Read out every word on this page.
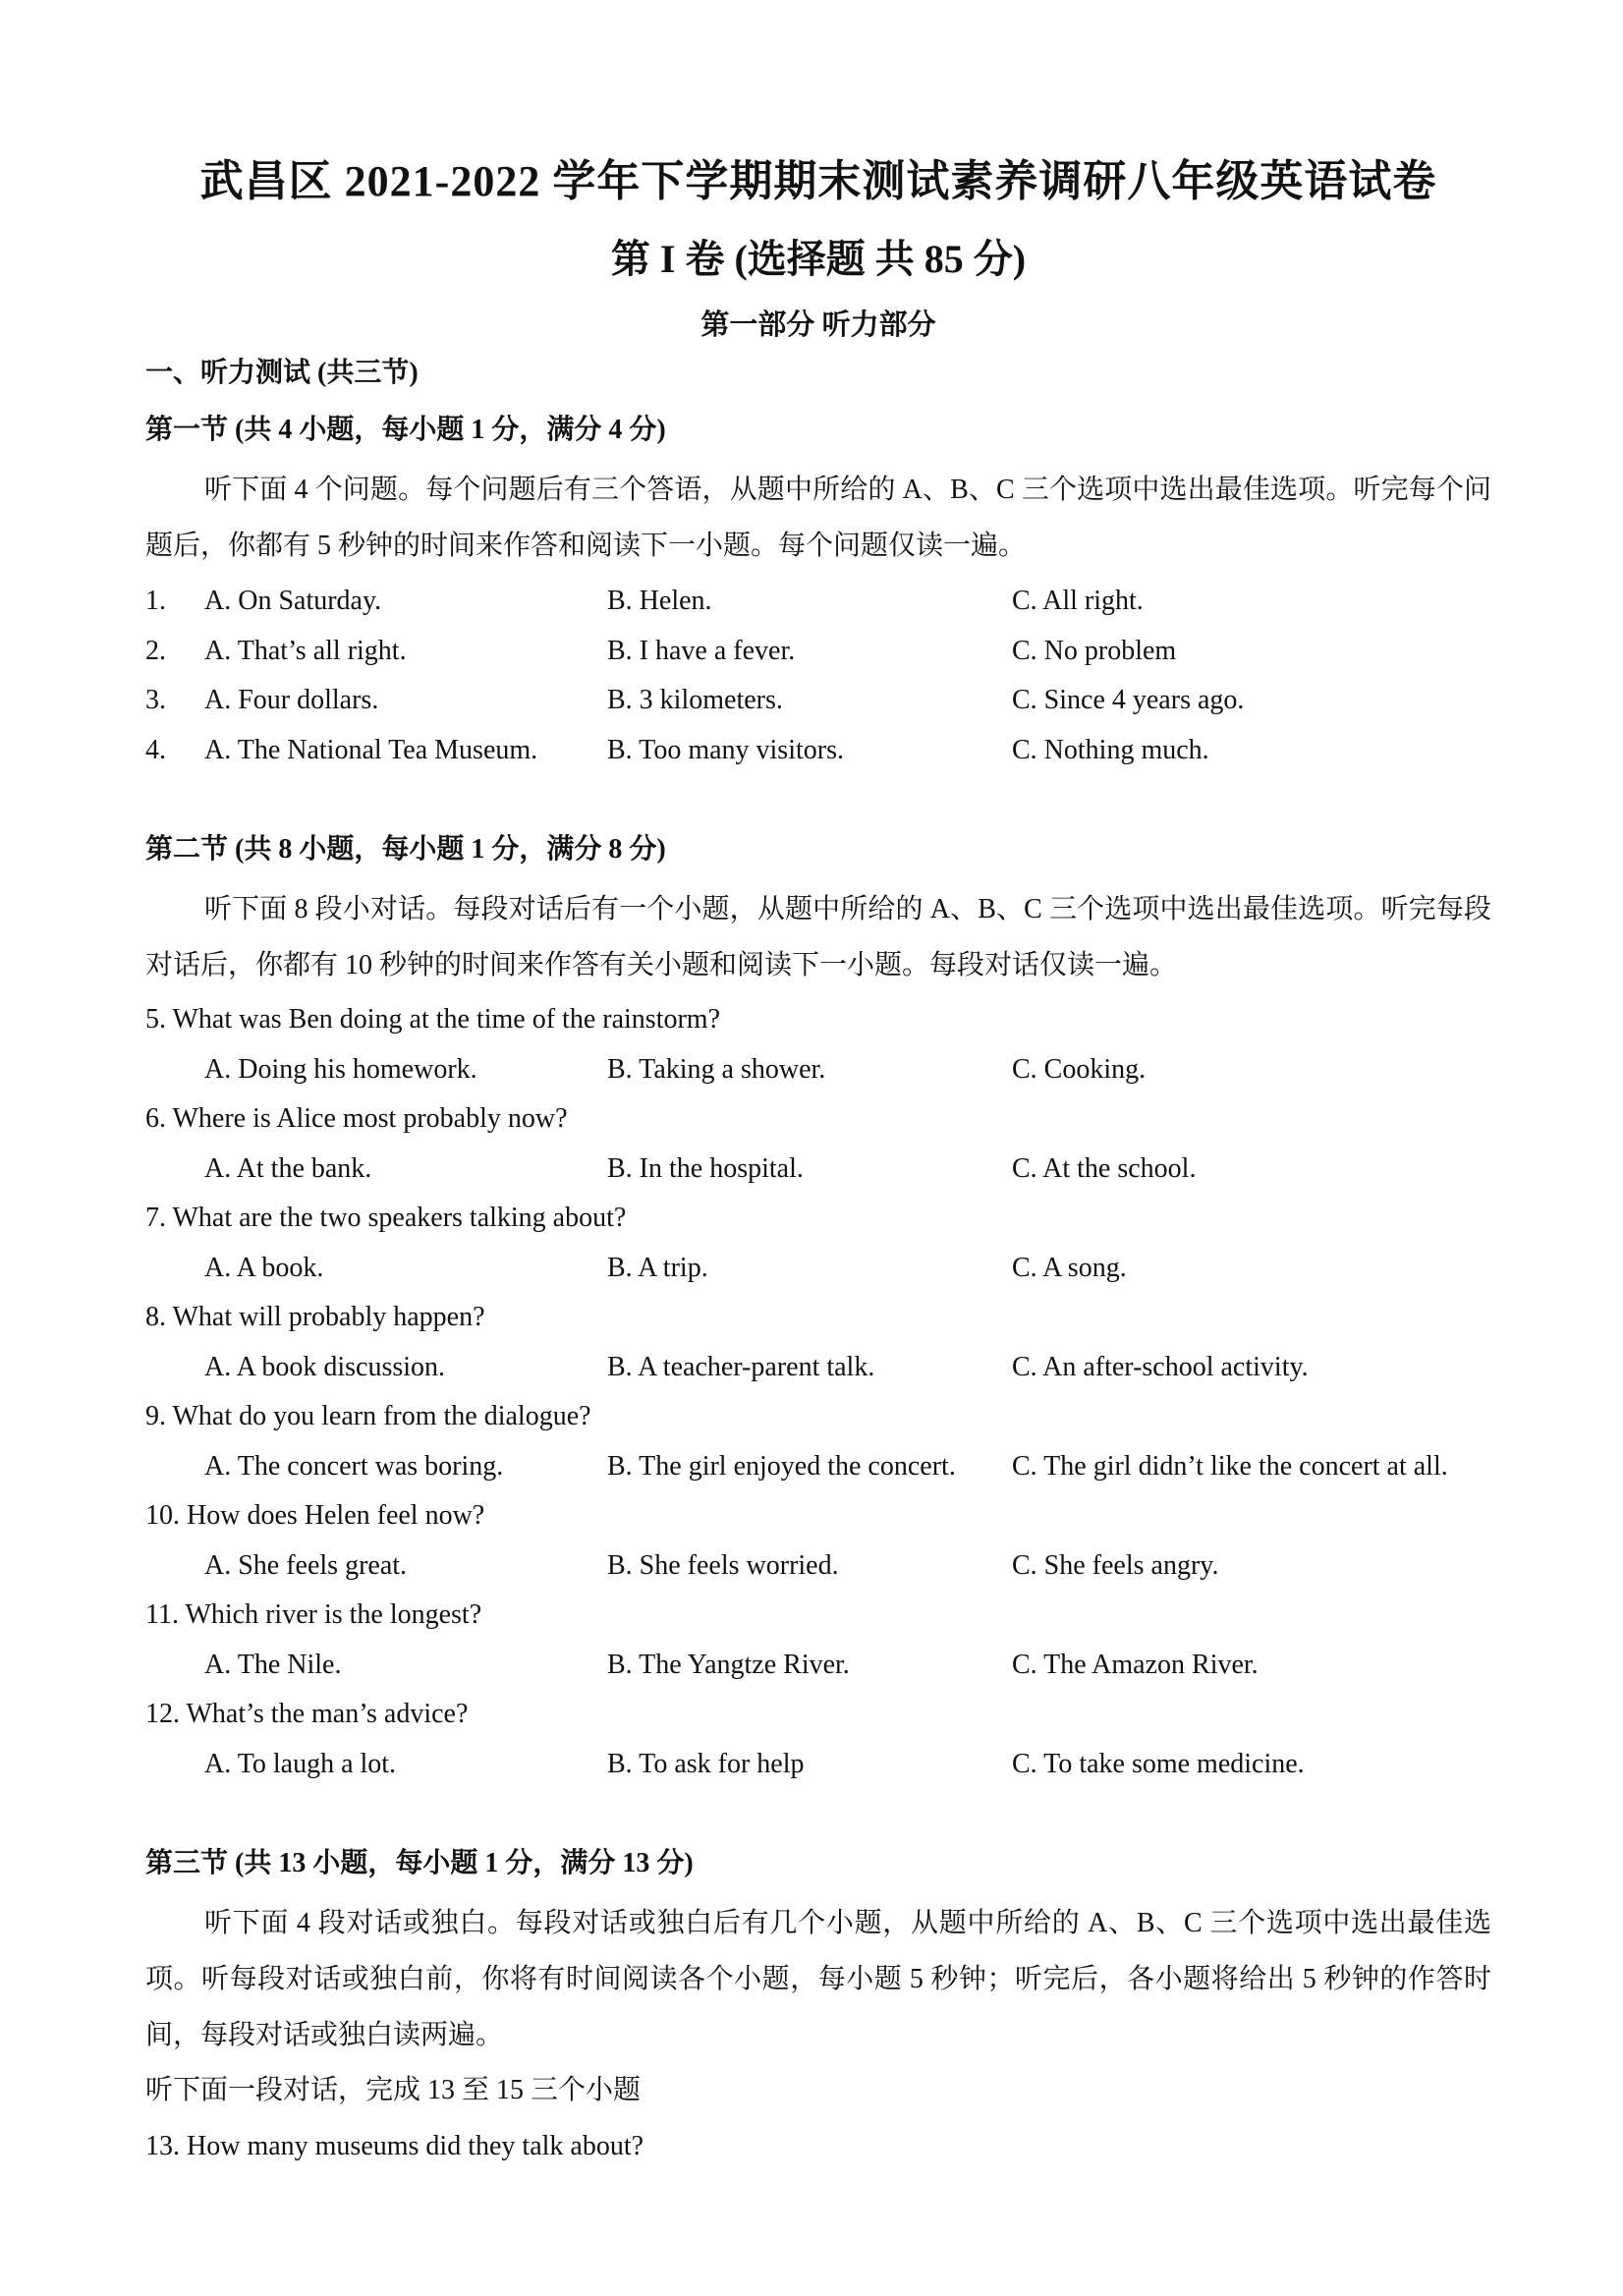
武昌区 2021-2022 学年下学期期末测试素养调研八年级英语试卷
第 I 卷 (选择题 共 85 分)
第一部分 听力部分
一、听力测试 (共三节)
第一节 (共 4 小题，每小题 1 分，满分 4 分)
听下面 4 个问题。每个问题后有三个答语，从题中所给的 A、B、C 三个选项中选出最佳选项。听完每个问题后，你都有 5 秒钟的时间来作答和阅读下一小题。每个问题仅读一遍。
1. A. On Saturday.	B. Helen.	C. All right.
2. A. That’s all right.	B. I have a fever.	C. No problem
3. A. Four dollars.	B. 3 kilometers.	C. Since 4 years ago.
4. A. The National Tea Museum.	B. Too many visitors.	C. Nothing much.
第二节 (共 8 小题，每小题 1 分，满分 8 分)
听下面 8 段小对话。每段对话后有一个小题，从题中所给的 A、B、C 三个选项中选出最佳选项。听完每段对话后，你都有 10 秒钟的时间来作答有关小题和阅读下一小题。每段对话仅读一遍。
5. What was Ben doing at the time of the rainstorm?
A. Doing his homework.	B. Taking a shower.	C. Cooking.
6. Where is Alice most probably now?
A. At the bank.	B. In the hospital.	C. At the school.
7. What are the two speakers talking about?
A. A book.	B. A trip.	C. A song.
8. What will probably happen?
A. A book discussion.	B. A teacher-parent talk.	C. An after-school activity.
9. What do you learn from the dialogue?
A. The concert was boring.	B. The girl enjoyed the concert. C. The girl didn’t like the concert at all.
10. How does Helen feel now?
A. She feels great.	B. She feels worried.	C. She feels angry.
11. Which river is the longest?
A. The Nile.	B. The Yangtze River.	C. The Amazon River.
12. What’s the man’s advice?
A. To laugh a lot.	B. To ask for help	C. To take some medicine.
第三节 (共 13 小题，每小题 1 分，满分 13 分)
听下面 4 段对话或独白。每段对话或独白后有几个小题，从题中所给的 A、B、C 三个选项中选出最佳选项。听每段对话或独白前，你将有时间阅读各个小题，每小题 5 秒钟；听完后，各小题将给出 5 秒钟的作答时间，每段对话或独白读两遍。
听下面一段对话，完成 13 至 15 三个小题
13. How many museums did they talk about?
